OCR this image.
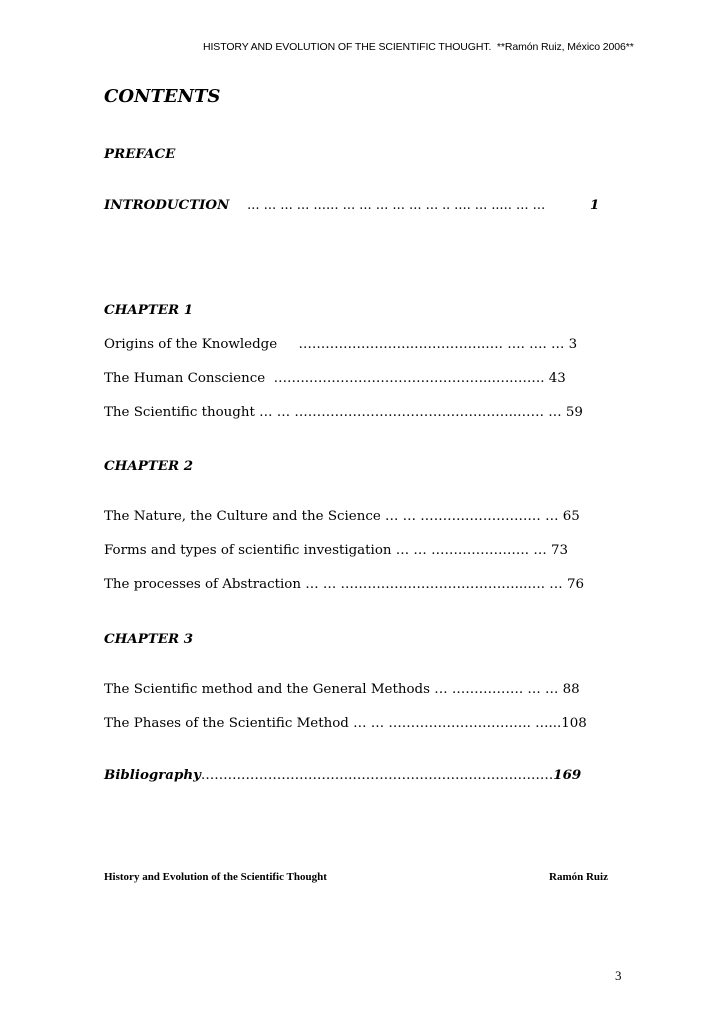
HISTORY AND EVOLUTION OF THE SCIENTIFIC THOUGHT.  **Ramón Ruiz, México 2006**
CONTENTS
PREFACE
INTRODUCTION … … … … …… … … … … … … .. …. … ..… … …	1
CHAPTER 1
Origins of the Knowledge     ……………………..…………….…. …. …. … 3
The Human Conscience  ……..…………………………………..…..……. 43
The Scientific thought … … …………………………………………..…… … 59
CHAPTER 2
The Nature, the Culture and the Science … … ……………………… … 65
Forms and types of scientific investigation … … …………………. … 73
The processes of Abstraction … … …………………………………...…. … 76
CHAPTER 3
The Scientific method and the General Methods … ……………. … … 88
The Phases of the Scientific Method … … ………………………….. …...108
Bibliography…………………………….………………………………………169
History and Evolution of the Scientific Thought	Ramón Ruiz
3
